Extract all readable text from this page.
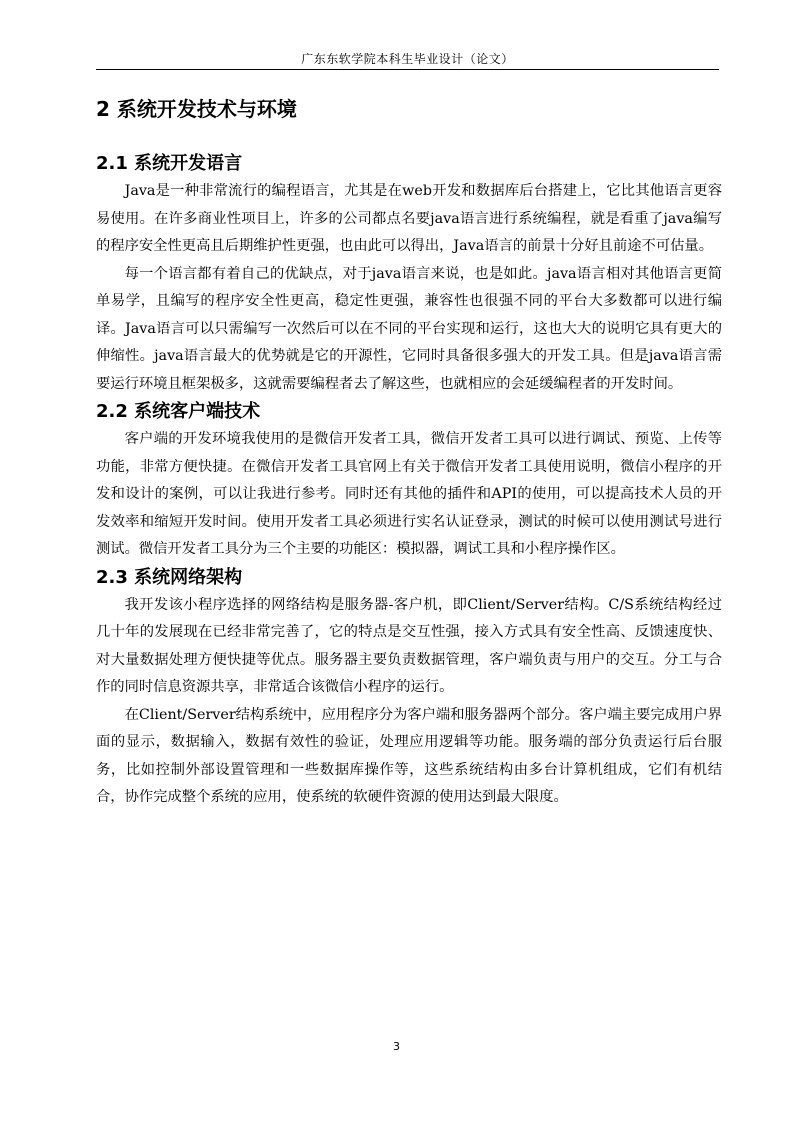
广东东软学院本科生毕业设计（论文）
2 系统开发技术与环境
2.1 系统开发语言

Java是一种非常流行的编程语言，尤其是在web开发和数据库后台搭建上，它比其他语言更容易使用。在许多商业性项目上，许多的公司都点名要java语言进行系统编程，就是看重了java编写的程序安全性更高且后期维护性更强，也由此可以得出，Java语言的前景十分好且前途不可估量。

每一个语言都有着自己的优缺点，对于java语言来说，也是如此。java语言相对其他语言更简单易学，且编写的程序安全性更高，稳定性更强，兼容性也很强不同的平台大多数都可以进行编译。Java语言可以只需编写一次然后可以在不同的平台实现和运行，这也大大的说明它具有更大的伸缩性。java语言最大的优势就是它的开源性，它同时具备很多强大的开发工具。但是java语言需要运行环境且框架极多，这就需要编程者去了解这些，也就相应的会延缓编程者的开发时间。

2.2 系统客户端技术

客户端的开发环境我使用的是微信开发者工具，微信开发者工具可以进行调试、预览、上传等功能，非常方便快捷。在微信开发者工具官网上有关于微信开发者工具使用说明，微信小程序的开发和设计的案例，可以让我进行参考。同时还有其他的插件和API的使用，可以提高技术人员的开发效率和缩短开发时间。使用开发者工具必须进行实名认证登录，测试的时候可以使用测试号进行测试。微信开发者工具分为三个主要的功能区：模拟器，调试工具和小程序操作区。

2.3 系统网络架构

我开发该小程序选择的网络结构是服务器-客户机，即Client/Server结构。C/S系统结构经过几十年的发展现在已经非常完善了，它的特点是交互性强，接入方式具有安全性高、反馈速度快、对大量数据处理方便快捷等优点。服务器主要负责数据管理，客户端负责与用户的交互。分工与合作的同时信息资源共享，非常适合该微信小程序的运行。

在Client/Server结构系统中，应用程序分为客户端和服务器两个部分。客户端主要完成用户界面的显示，数据输入，数据有效性的验证，处理应用逻辑等功能。服务端的部分负责运行后台服务，比如控制外部设置管理和一些数据库操作等，这些系统结构由多台计算机组成，它们有机结合，协作完成整个系统的应用，使系统的软硬件资源的使用达到最大限度。

3
